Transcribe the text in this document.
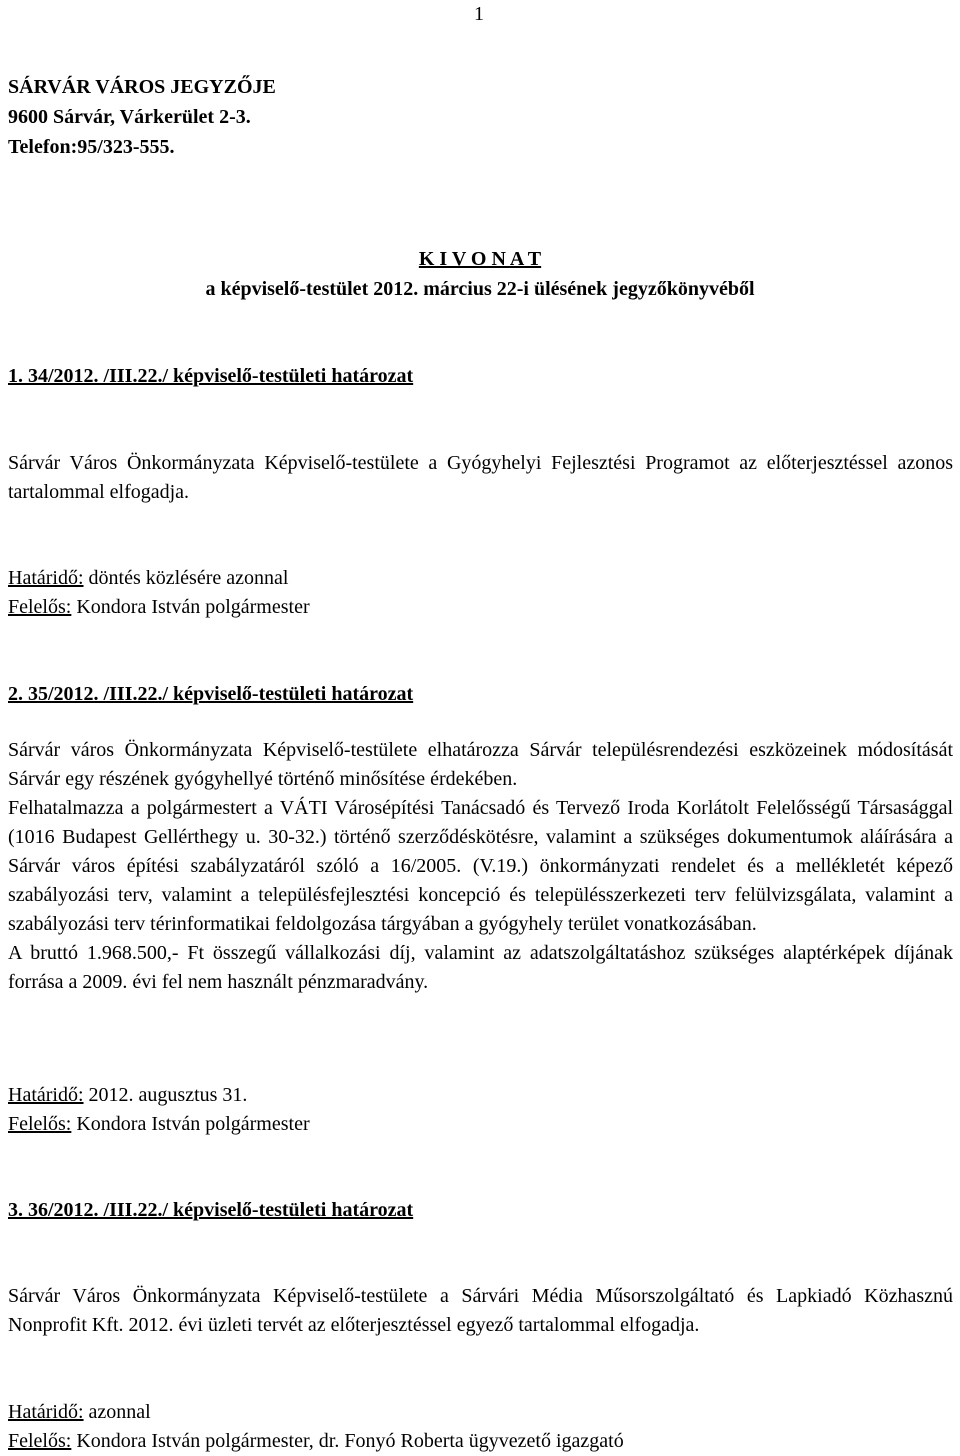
1
SÁRVÁR VÁROS JEGYZŐJE
9600 Sárvár, Várkerület 2-3.
Telefon:95/323-555.
K I V O N A T
a képviselő-testület 2012. március 22-i ülésének jegyzőkönyvéből
1. 34/2012. /III.22./ képviselő-testületi határozat
Sárvár Város Önkormányzata Képviselő-testülete a Gyógyhelyi Fejlesztési Programot az előterjesztéssel azonos tartalommal elfogadja.
Határidő: döntés közlésére azonnal
Felelős: Kondora István polgármester
2. 35/2012. /III.22./ képviselő-testületi határozat

Sárvár város Önkormányzata Képviselő-testülete elhatározza Sárvár településrendezési eszközeinek módosítását Sárvár egy részének gyógyhellyé történő minősítése érdekében.

Felhatalmazza a polgármestert a VÁTI Városépítési Tanácsadó és Tervező Iroda Korlátolt Felelősségű Társasággal (1016 Budapest Gellérthegy u. 30-32.) történő szerződéskötésre, valamint a szükséges dokumentumok aláírására a Sárvár város építési szabályzatáról szóló a 16/2005. (V.19.) önkormányzati rendelet és a mellékletét képező szabályozási terv, valamint a településfejlesztési koncepció és településszerkezeti terv felülvizsgálata, valamint a szabályozási terv térinformatikai feldolgozása tárgyában a gyógyhely terület vonatkozásában.

A bruttó 1.968.500,- Ft összegű vállalkozási díj, valamint az adatszolgáltatáshoz szükséges alaptérképek díjának forrása a 2009. évi fel nem használt pénzmaradvány.

Határidő: 2012. augusztus 31.
Felelős: Kondora István polgármester
3. 36/2012. /III.22./ képviselő-testületi határozat
Sárvár Város Önkormányzata Képviselő-testülete a Sárvári Média Műsorszolgáltató és Lapkiadó Közhasznú Nonprofit Kft. 2012. évi üzleti tervét az előterjesztéssel egyező tartalommal elfogadja.
Határidő: azonnal
Felelős: Kondora István polgármester, dr. Fonyó Roberta ügyvezető igazgató
